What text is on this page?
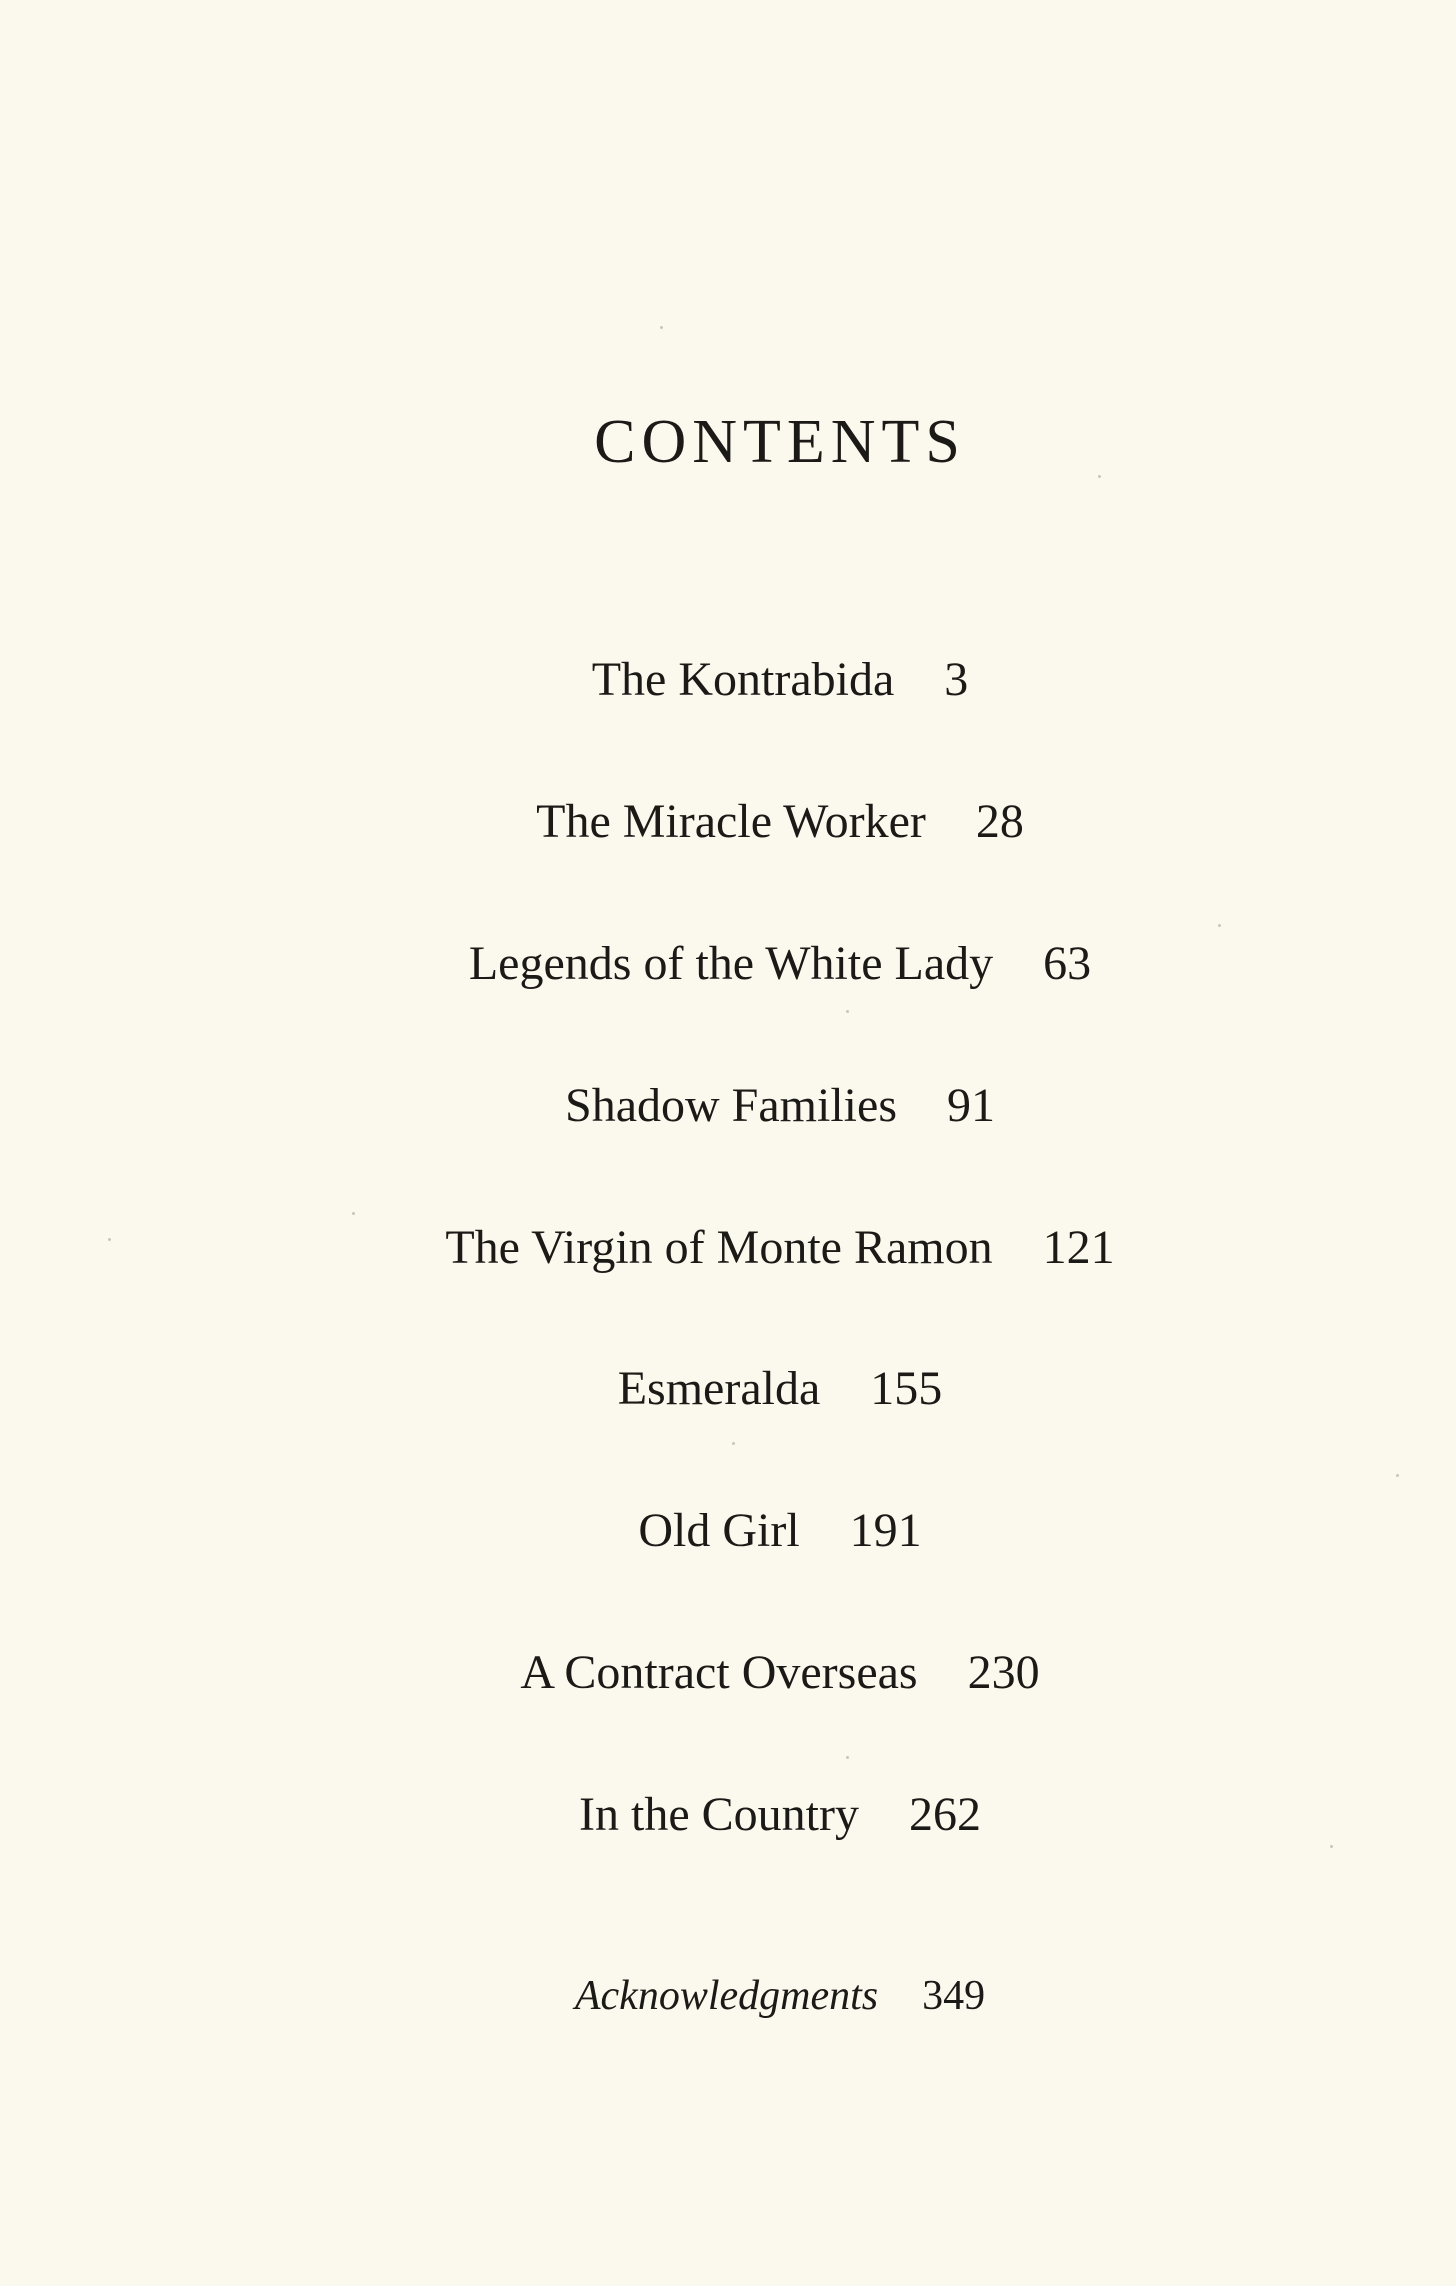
CONTENTS
The Kontrabida 3
The Miracle Worker 28
Legends of the White Lady 63
Shadow Families 91
The Virgin of Monte Ramon 121
Esmeralda 155
Old Girl 191
A Contract Overseas 230
In the Country 262
Acknowledgments 349
